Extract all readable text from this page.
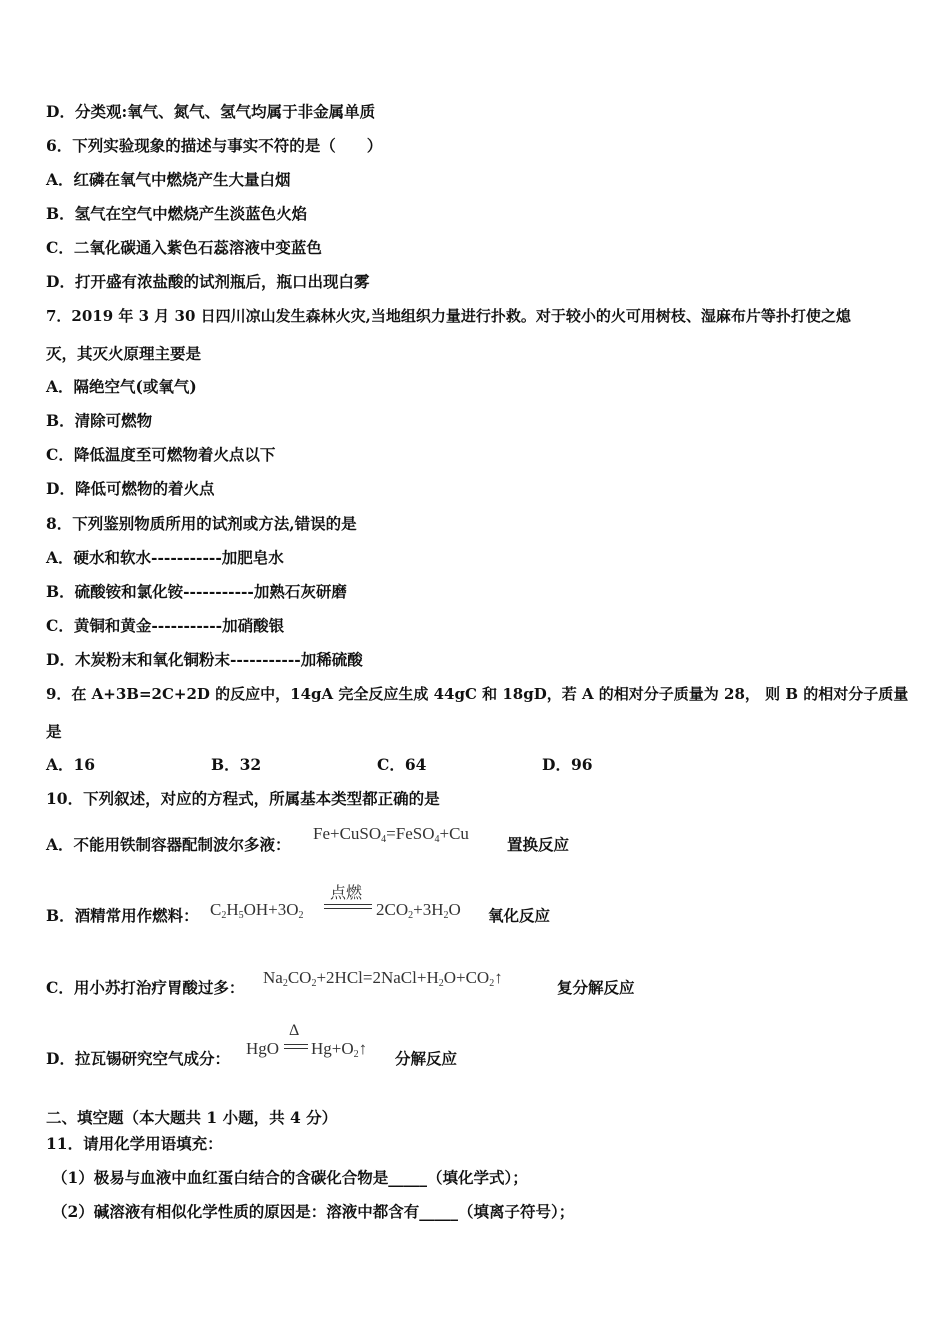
D．分类观:氧气、氮气、氢气均属于非金属单质
6．下列实验现象的描述与事实不符的是（　　）
A．红磷在氧气中燃烧产生大量白烟
B．氢气在空气中燃烧产生淡蓝色火焰
C．二氧化碳通入紫色石蕊溶液中变蓝色
D．打开盛有浓盐酸的试剂瓶后，瓶口出现白雾
7．2019 年 3 月 30 日四川凉山发生森林火灾,当地组织力量进行扑救。对于较小的火可用树枝、湿麻布片等扑打使之熄
灭，其灭火原理主要是
A．隔绝空气(或氧气)
B．清除可燃物
C．降低温度至可燃物着火点以下
D．降低可燃物的着火点
8．下列鉴别物质所用的试剂或方法,错误的是
A．硬水和软水-----------加肥皂水
B．硫酸铵和氯化铵-----------加熟石灰研磨
C．黄铜和黄金-----------加硝酸银
D．木炭粉末和氧化铜粉末-----------加稀硫酸
9．在 A+3B=2C+2D 的反应中，14gA 完全反应生成 44gC 和 18gD，若 A 的相对分子质量为 28， 则 B 的相对分子质量
是
A．16	B．32	C．64	D．96
10．下列叙述，对应的方程式，所属基本类型都正确的是
A．不能用铁制容器配制波尔多液：
Fe+CuSO$_4$=FeSO$_4$+Cu
置换反应
B．酒精常用作燃料： $C_2H_5OH+3O_2$
点燃
$2CO_2+3H_2O$ 氧化反应
C．用小苏打治疗胃酸过多：
$Na_2CO_2+2HCl=2NaCl+H_2O+CO_2↑$
复分解反应
D．拉瓦锡研究空气成分：
HgO
Δ
$Hg+O_2↑$
分解反应
二、填空题（本大题共 1 小题，共 4 分）
11．请用化学用语填充：
（1）极易与血液中血红蛋白结合的含碳化合物是_____（填化学式）；
（2）碱溶液有相似化学性质的原因是：溶液中都含有_____（填离子符号）；
